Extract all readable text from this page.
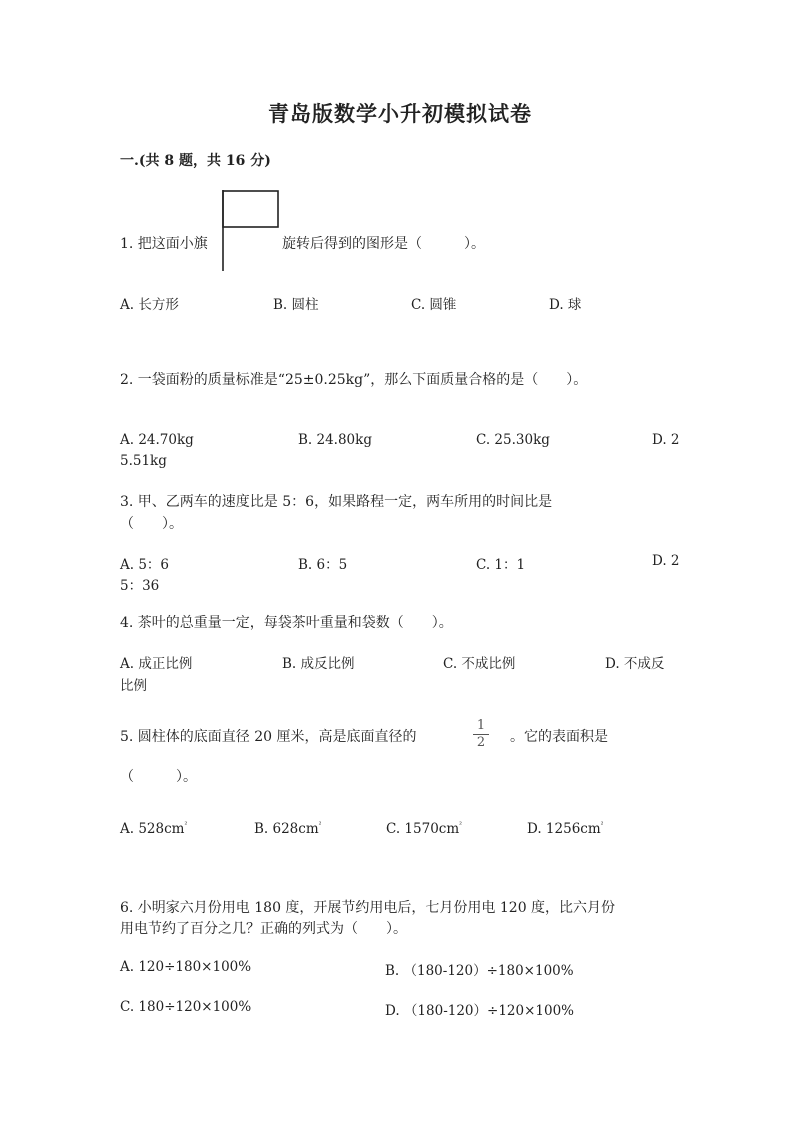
青岛版数学小升初模拟试卷
一.(共 8 题，共 16 分)
1. 把这面小旗	旋转后得到的图形是（　　　）。
A. 长方形	B. 圆柱	C. 圆锥	D. 球
2. 一袋面粉的质量标准是“25±0.25kg”，那么下面质量合格的是（　　）。
A. 24.70kg	B. 24.80kg	C. 25.30kg	D. 2
5.51kg
3. 甲、乙两车的速度比是 5：6，如果路程一定，两车所用的时间比是
（　　）。
A. 5：6	B. 6：5	C. 1：1	D. 2
5：36
4. 茶叶的总重量一定，每袋茶叶重量和袋数（　　）。
A. 成正比例	B. 成反比例	C. 不成比例	D. 不成反
比例
5. 圆柱体的底面直径 20 厘米，高是底面直径的
1
2	。它的表面积是
（　　　）。
A. $528cm^{^2}$	B. $628cm^{^2}$	C. $1570cm^{^2}$	D. $1256cm^{^2}$
6. 小明家六月份用电 180 度，开展节约用电后，七月份用电 120 度，比六月份
用电节约了百分之几？正确的列式为（　　）。
A. 120÷180×100%	B. （180-120）÷180×100%
C. 180÷120×100%	D. （180-120）÷120×100%
